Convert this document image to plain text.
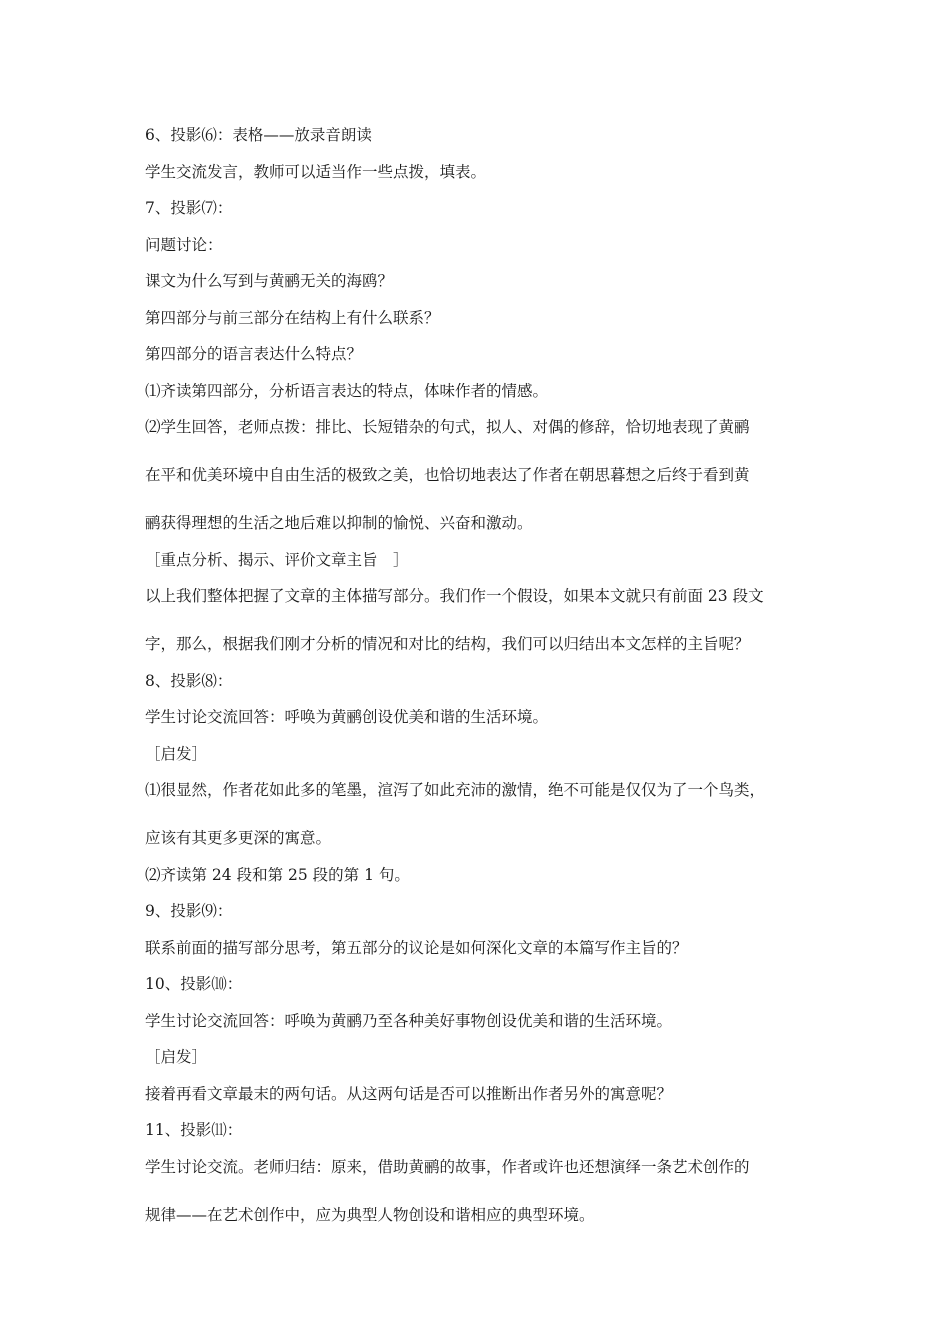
6、投影⑹：表格——放录音朗读

学生交流发言，教师可以适当作一些点拨，填表。

7、投影⑺：

问题讨论：

课文为什么写到与黄鹂无关的海鸥？

第四部分与前三部分在结构上有什么联系？

第四部分的语言表达什么特点？

⑴齐读第四部分，分析语言表达的特点，体味作者的情感。

⑵学生回答，老师点拨：排比、长短错杂的句式，拟人、对偶的修辞，恰切地表现了黄鹂

在平和优美环境中自由生活的极致之美，也恰切地表达了作者在朝思暮想之后终于看到黄

鹂获得理想的生活之地后难以抑制的愉悦、兴奋和激动。

［重点分析、揭示、评价文章主旨　］

以上我们整体把握了文章的主体描写部分。我们作一个假设，如果本文就只有前面 23 段文

字，那么，根据我们刚才分析的情况和对比的结构，我们可以归结出本文怎样的主旨呢？

8、投影⑻：

学生讨论交流回答：呼唤为黄鹂创设优美和谐的生活环境。

［启发］

⑴很显然，作者花如此多的笔墨，渲泻了如此充沛的激情，绝不可能是仅仅为了一个鸟类，

应该有其更多更深的寓意。

⑵齐读第 24 段和第 25 段的第 1 句。

9、投影⑼：

联系前面的描写部分思考，第五部分的议论是如何深化文章的本篇写作主旨的？

10、投影⑽：

学生讨论交流回答：呼唤为黄鹂乃至各种美好事物创设优美和谐的生活环境。

［启发］

接着再看文章最末的两句话。从这两句话是否可以推断出作者另外的寓意呢？

11、投影⑾：

学生讨论交流。老师归结：原来，借助黄鹂的故事，作者或许也还想演绎一条艺术创作的

规律——在艺术创作中，应为典型人物创设和谐相应的典型环境。
